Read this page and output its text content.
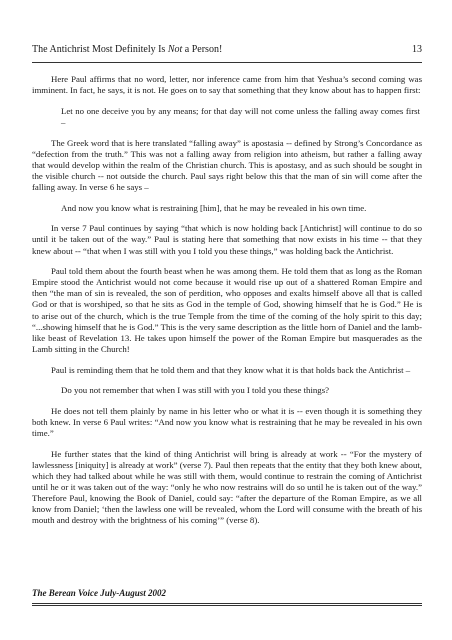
The Antichrist Most Definitely Is Not a Person!	13

Here Paul affirms that no word, letter, nor inference came from him that Yeshua’s second coming was imminent. In fact, he says, it is not. He goes on to say that something that they know about has to happen first:

Let no one deceive you by any means; for that day will not come unless the falling away comes first –

The Greek word that is here translated “falling away” is apostasia -- defined by Strong’s Concordance as “defection from the truth.” This was not a falling away from religion into atheism, but rather a falling away that would develop within the realm of the Christian church. This is apostasy, and as such should be sought in the visible church -- not outside the church. Paul says right below this that the man of sin will come after the falling away. In verse 6 he says –

And now you know what is restraining [him], that he may be revealed in his own time.

In verse 7 Paul continues by saying “that which is now holding back [Antichrist] will continue to do so until it be taken out of the way.” Paul is stating here that something that now exists in his time -- that they knew about -- “that when I was still with you I told you these things,” was holding back the Antichrist.

Paul told them about the fourth beast when he was among them. He told them that as long as the Roman Empire stood the Antichrist would not come because it would rise up out of a shattered Roman Empire and then “the man of sin is revealed, the son of perdition, who opposes and exalts himself above all that is called God or that is worshiped, so that he sits as God in the temple of God, showing himself that he is God.” He is to arise out of the church, which is the true Temple from the time of the coming of the holy spirit to this day; “...showing himself that he is God.” This is the very same description as the little horn of Daniel and the lamb-like beast of Revelation 13. He takes upon himself the power of the Roman Empire but masquerades as the Lamb sitting in the Church!

Paul is reminding them that he told them and that they know what it is that holds back the Antichrist –

Do you not remember that when I was still with you I told you these things?

He does not tell them plainly by name in his letter who or what it is -- even though it is something they both knew. In verse 6 Paul writes: “And now you know what is restraining that he may be revealed in his own time.”

He further states that the kind of thing Antichrist will bring is already at work -- “For the mystery of lawlessness [iniquity] is already at work” (verse 7). Paul then repeats that the entity that they both knew about, which they had talked about while he was still with them, would continue to restrain the coming of Antichrist until he or it was taken out of the way: “only he who now restrains will do so until he is taken out of the way.” Therefore Paul, knowing the Book of Daniel, could say: “after the departure of the Roman Empire, as we all know from Daniel; ‘then the lawless one will be revealed, whom the Lord will consume with the breath of his mouth and destroy with the brightness of his coming’” (verse 8).

The Berean Voice July-August 2002
